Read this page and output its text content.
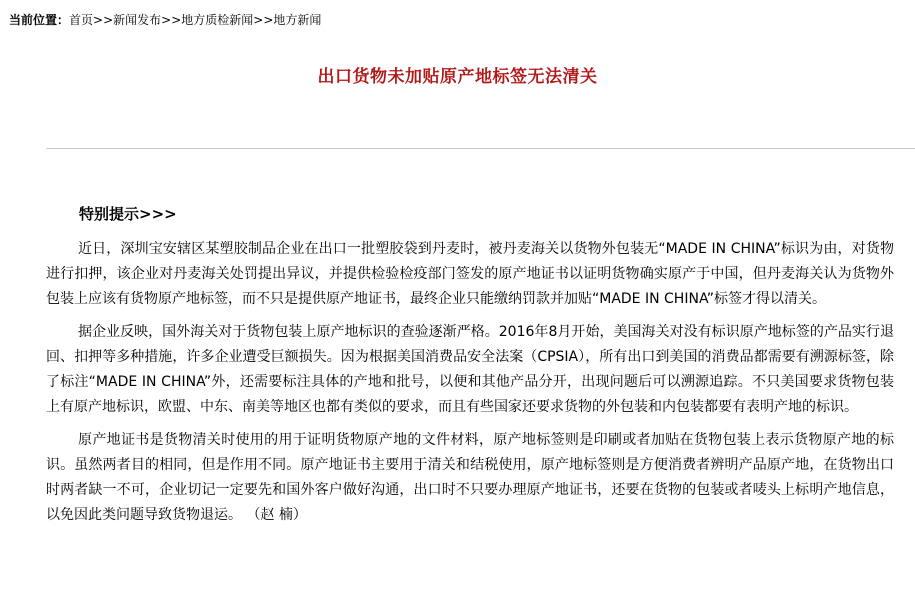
当前位置：首页>>新闻发布>>地方质检新闻>>地方新闻
出口货物未加贴原产地标签无法清关
特别提示>>>

近日，深圳宝安辖区某塑胶制品企业在出口一批塑胶袋到丹麦时，被丹麦海关以货物外包装无“MADE IN CHINA”标识为由，对货物进行扣押，该企业对丹麦海关处罚提出异议，并提供检验检疫部门签发的原产地证书以证明货物确实原产于中国，但丹麦海关认为货物外包装上应该有货物原产地标签，而不只是提供原产地证书，最终企业只能缴纳罚款并加贴“MADE IN CHINA”标签才得以清关。

据企业反映，国外海关对于货物包装上原产地标识的查验逐渐严格。2016年8月开始，美国海关对没有标识原产地标签的产品实行退回、扣押等多种措施，许多企业遭受巨额损失。因为根据美国消费品安全法案（CPSIA），所有出口到美国的消费品都需要有溯源标签，除了标注“MADE IN CHINA”外，还需要标注具体的产地和批号，以便和其他产品分开，出现问题后可以溯源追踪。不只美国要求货物包装上有原产地标识，欧盟、中东、南美等地区也都有类似的要求，而且有些国家还要求货物的外包装和内包装都要有表明产地的标识。

原产地证书是货物清关时使用的用于证明货物原产地的文件材料，原产地标签则是印刷或者加贴在货物包装上表示货物原产地的标识。虽然两者目的相同，但是作用不同。原产地证书主要用于清关和结税使用，原产地标签则是方便消费者辨明产品原产地，在货物出口时两者缺一不可，企业切记一定要先和国外客户做好沟通，出口时不只要办理原产地证书，还要在货物的包装或者唛头上标明产地信息，以免因此类问题导致货物退运。 （赵 楠）
